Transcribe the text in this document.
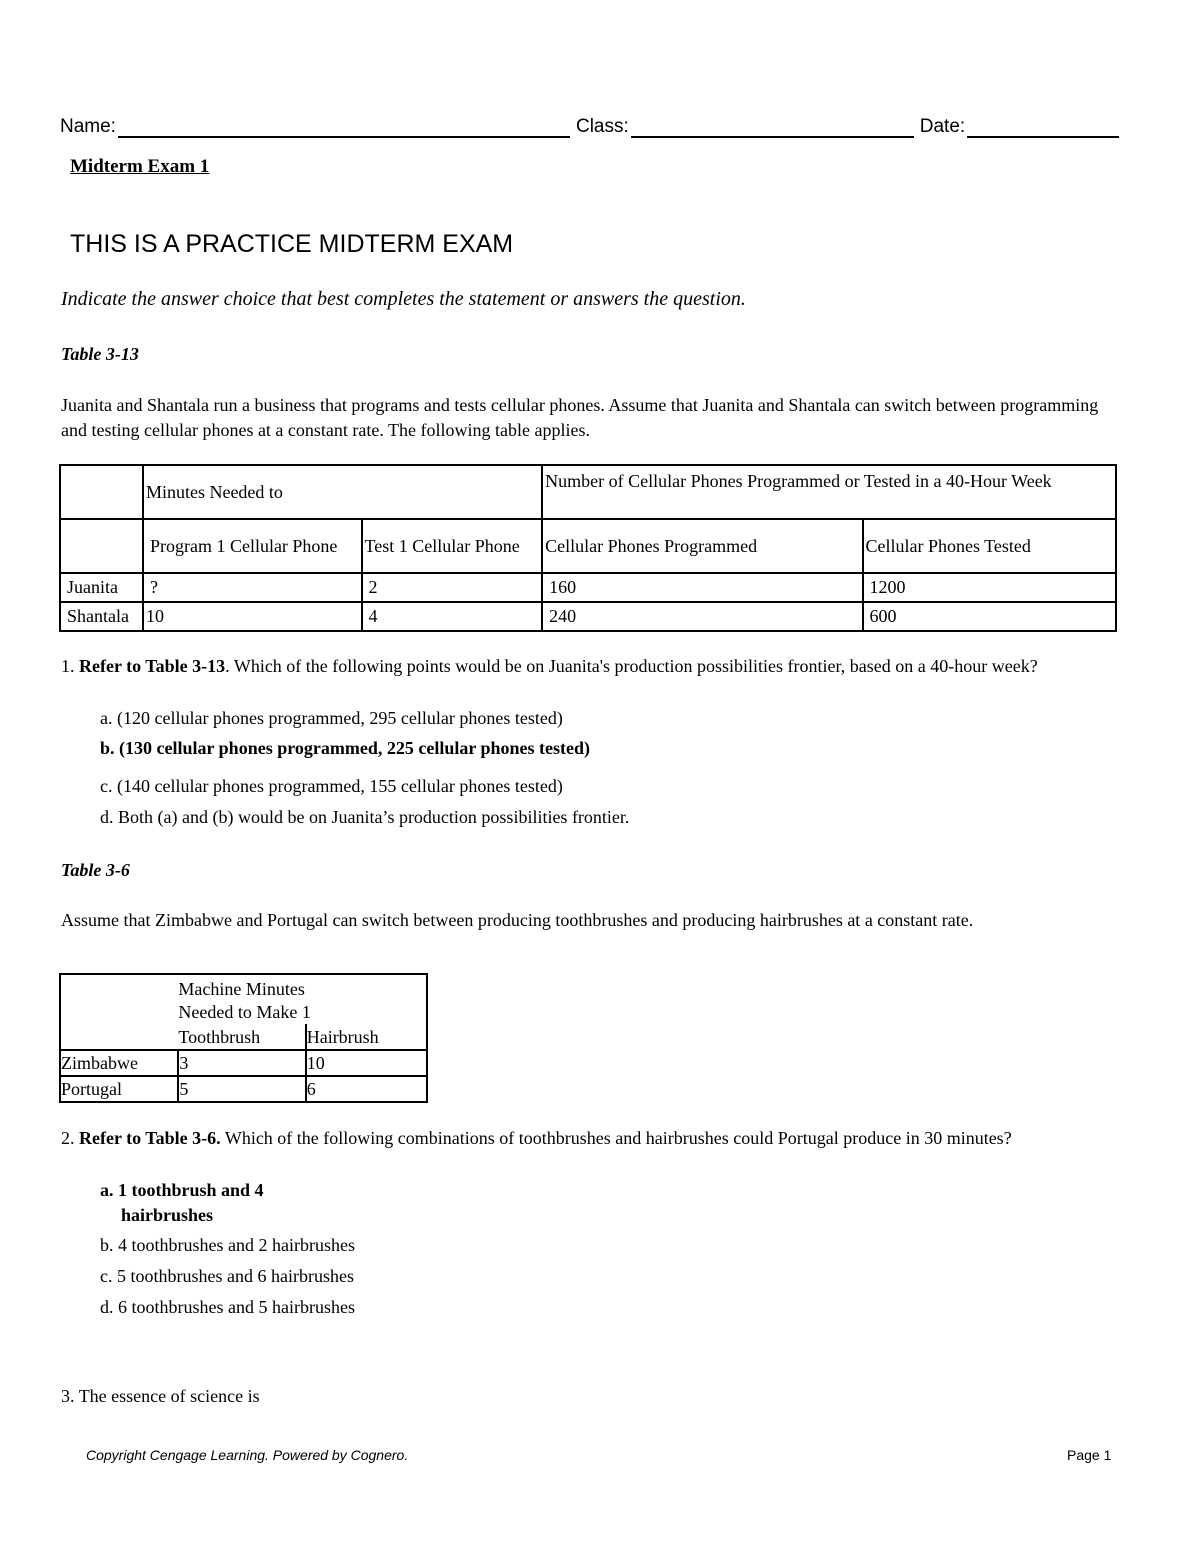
Name:	Class:	Date:
Midterm Exam 1
THIS IS A PRACTICE MIDTERM EXAM
Indicate the answer choice that best completes the statement or answers the question.
Table 3-13
Juanita and Shantala run a business that programs and tests cellular phones. Assume that Juanita and Shantala can switch between programming and testing cellular phones at a constant rate. The following table applies.
	Minutes Needed to		Number of Cellular Phones Programmed or Tested in a 40-Hour Week	
	Program 1 Cellular Phone	Test 1 Cellular Phone	Cellular Phones Programmed	Cellular Phones Tested
Juanita	?	2	160	1200
Shantala	10	4	240	600
1. Refer to Table 3-13. Which of the following points would be on Juanita's production possibilities frontier, based on a 40-hour week?
a. (120 cellular phones programmed, 295 cellular phones tested)
b. (130 cellular phones programmed, 225 cellular phones tested)
c. (140 cellular phones programmed, 155 cellular phones tested)
d. Both (a) and (b) would be on Juanita’s production possibilities frontier.
Table 3-6
Assume that Zimbabwe and Portugal can switch between producing toothbrushes and producing hairbrushes at a constant rate.

	Machine Minutes
Needed to Make 1	

	Toothbrush	Hairbrush
Zimbabwe	3	10
Portugal	5	6
2. Refer to Table 3-6. Which of the following combinations of toothbrushes and hairbrushes could Portugal produce in 30 minutes?
a. 1 toothbrush and 4
hairbrushes
b. 4 toothbrushes and 2 hairbrushes
c. 5 toothbrushes and 6 hairbrushes
d. 6 toothbrushes and 5 hairbrushes
3. The essence of science is
Copyright Cengage Learning. Powered by Cognero.	Page 1
